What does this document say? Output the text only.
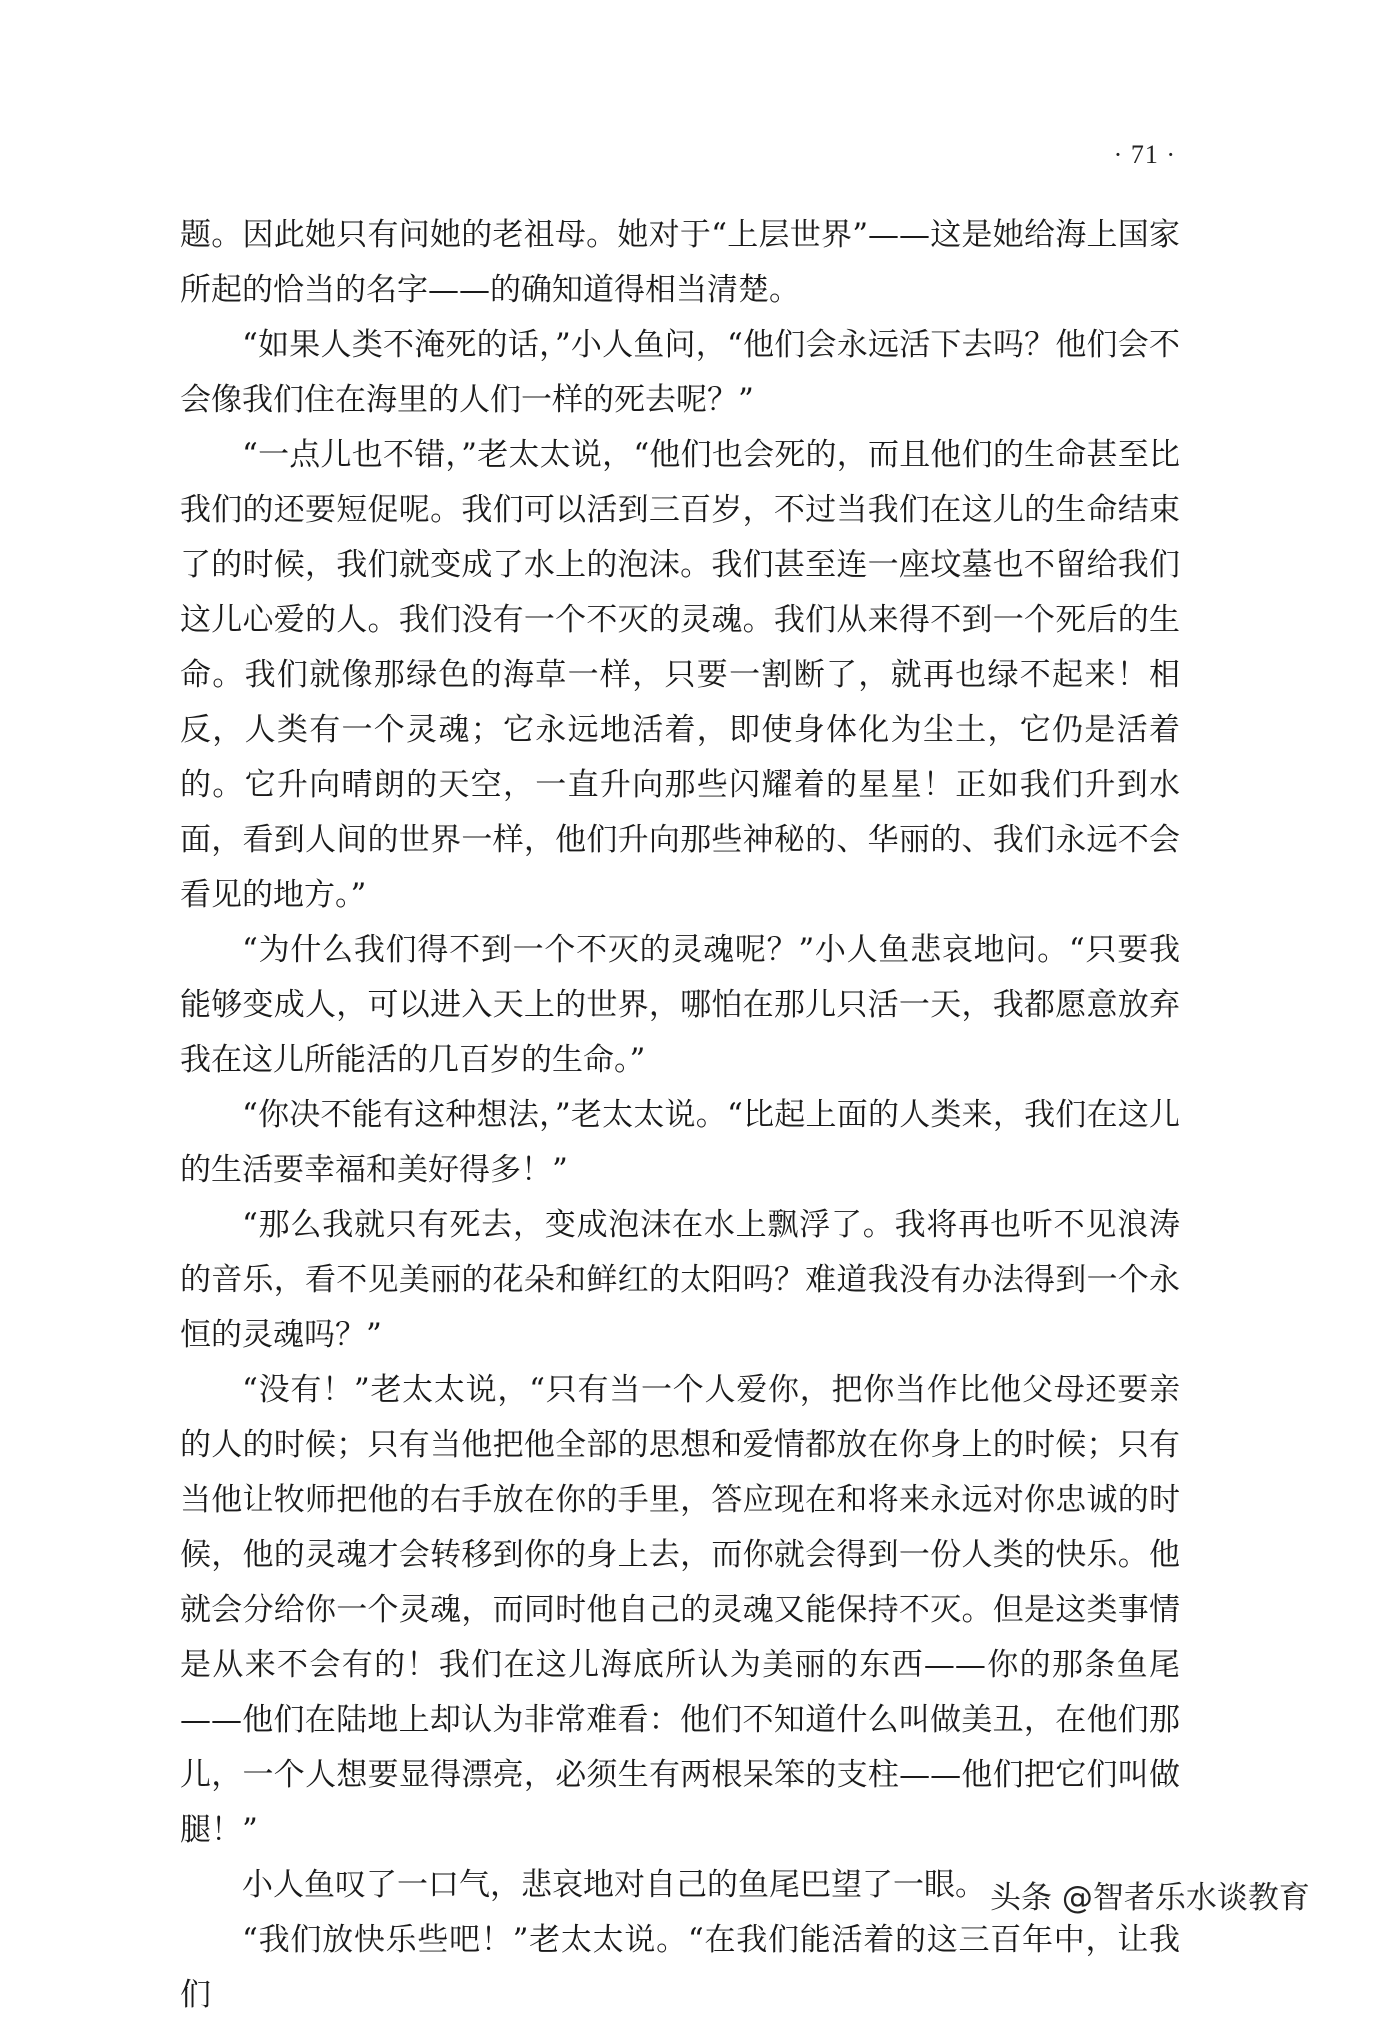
· 71 ·

题。因此她只有问她的老祖母。她对于“上层世界”——这是她给海上国家所起的恰当的名字——的确知道得相当清楚。

“如果人类不淹死的话，”小人鱼问，“他们会永远活下去吗？他们会不会像我们住在海里的人们一样的死去呢？”

“一点儿也不错，”老太太说，“他们也会死的，而且他们的生命甚至比我们的还要短促呢。我们可以活到三百岁，不过当我们在这儿的生命结束了的时候，我们就变成了水上的泡沫。我们甚至连一座坟墓也不留给我们这儿心爱的人。我们没有一个不灭的灵魂。我们从来得不到一个死后的生命。我们就像那绿色的海草一样，只要一割断了，就再也绿不起来！相反，人类有一个灵魂；它永远地活着，即使身体化为尘土，它仍是活着的。它升向晴朗的天空，一直升向那些闪耀着的星星！正如我们升到水面，看到人间的世界一样，他们升向那些神秘的、华丽的、我们永远不会看见的地方。”

“为什么我们得不到一个不灭的灵魂呢？”小人鱼悲哀地问。“只要我能够变成人，可以进入天上的世界，哪怕在那儿只活一天，我都愿意放弃我在这儿所能活的几百岁的生命。”

“你决不能有这种想法，”老太太说。“比起上面的人类来，我们在这儿的生活要幸福和美好得多！”

“那么我就只有死去，变成泡沫在水上飘浮了。我将再也听不见浪涛的音乐，看不见美丽的花朵和鲜红的太阳吗？难道我没有办法得到一个永恒的灵魂吗？”

“没有！”老太太说，“只有当一个人爱你，把你当作比他父母还要亲的人的时候；只有当他把他全部的思想和爱情都放在你身上的时候；只有当他让牧师把他的右手放在你的手里，答应现在和将来永远对你忠诚的时候，他的灵魂才会转移到你的身上去，而你就会得到一份人类的快乐。他就会分给你一个灵魂，而同时他自己的灵魂又能保持不灭。但是这类事情是从来不会有的！我们在这儿海底所认为美丽的东西——你的那条鱼尾——他们在陆地上却认为非常难看：他们不知道什么叫做美丑，在他们那儿，一个人想要显得漂亮，必须生有两根呆笨的支柱——他们把它们叫做腿！”

小人鱼叹了一口气，悲哀地对自己的鱼尾巴望了一眼。

“我们放快乐些吧！”老太太说。“在我们能活着的这三百年中，让我们

头条 @智者乐水谈教育
